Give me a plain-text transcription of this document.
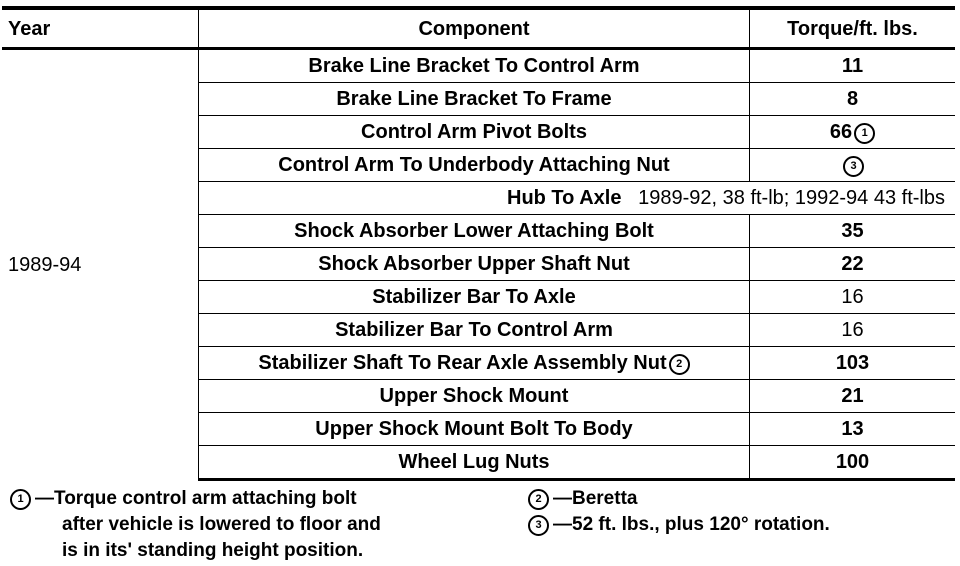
Year	Component	Torque/ft. lbs.
1989-94	Brake Line Bracket To Control Arm	11
	Brake Line Bracket To Frame	8
	Control Arm Pivot Bolts	66 1
	Control Arm To Underbody Attaching Nut	3
	Hub To Axle 1989-92, 38 ft-lb; 1992-94 43 ft-lbs	
	Shock Absorber Lower Attaching Bolt	35
	Shock Absorber Upper Shaft Nut	22
	Stabilizer Bar To Axle	16
	Stabilizer Bar To Control Arm	16
	Stabilizer Shaft To Rear Axle Assembly Nut 2	103
	Upper Shock Mount	21
	Upper Shock Mount Bolt To Body	13
	Wheel Lug Nuts	100
1 —Torque control arm attaching bolt
after vehicle is lowered to floor and
is in its' standing height position.
2 —Beretta
3 —52 ft. lbs., plus 120° rotation.
